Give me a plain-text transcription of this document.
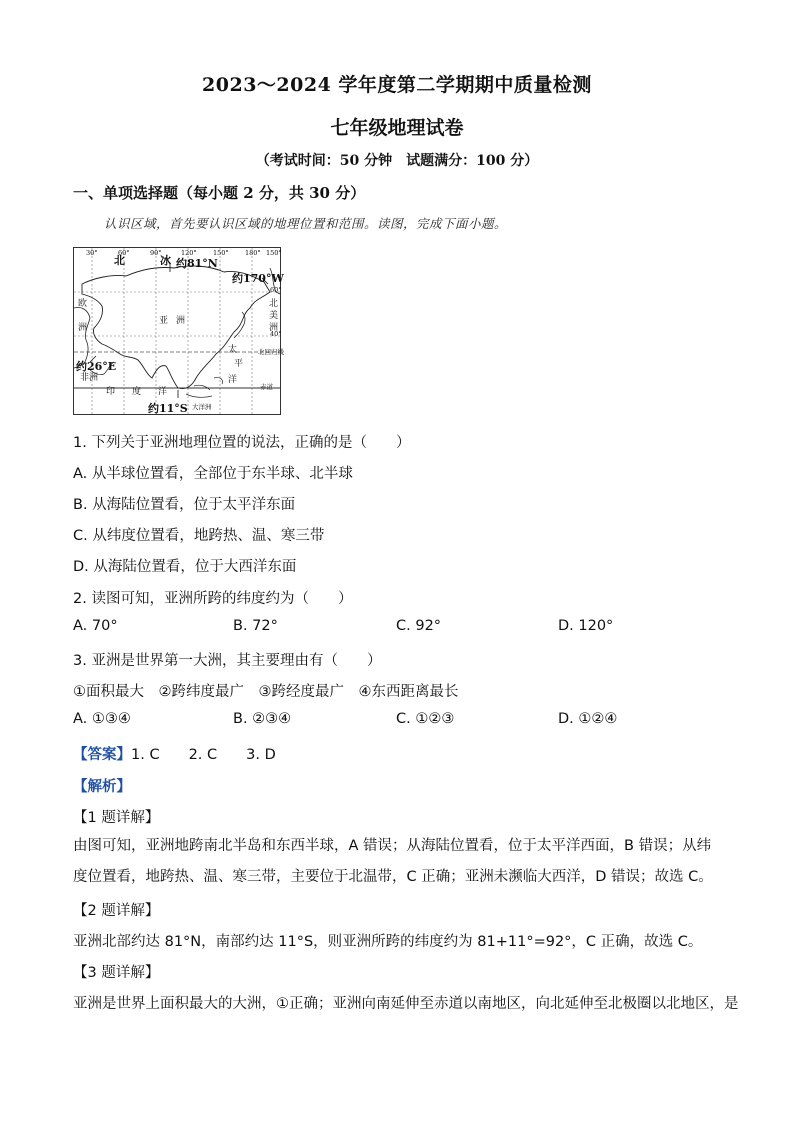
2023～2024 学年度第二学期期中质量检测
七年级地理试卷
（考试时间：50 分钟　试题满分：100 分）
一、单项选择题（每小题 2 分，共 30 分）
认识区域，首先要认识区域的地理位置和范围。读图，完成下面小题。
30°	60°	90°	120°	150°	180° 150°
60°
40°
北回归线
赤道
北	冰 约81°N
约170°W
欧
洲
亚 洲
北
美
洲
太
平
洋
约26°E
非洲
印 度 洋
约11°S 大洋洲
1. 下列关于亚洲地理位置的说法，正确的是（　　）
A. 从半球位置看，全部位于东半球、北半球
B. 从海陆位置看，位于太平洋东面
C. 从纬度位置看，地跨热、温、寒三带
D. 从海陆位置看，位于大西洋东面
2. 读图可知，亚洲所跨的纬度约为（　　）
A. 70°	B. 72°	C. 92°	D. 120°
3. 亚洲是世界第一大洲，其主要理由有（　　）
①面积最大　②跨纬度最广　③跨经度最广　④东西距离最长
A. ①③④	B. ②③④	C. ①②③	D. ①②④
【答案】1. C　　2. C　　3. D
【解析】
【1 题详解】
由图可知，亚洲地跨南北半岛和东西半球，A 错误；从海陆位置看，位于太平洋西面，B 错误；从纬度位置看，地跨热、温、寒三带，主要位于北温带，C 正确；亚洲未濒临大西洋，D 错误；故选 C。
【2 题详解】
亚洲北部约达 81°N，南部约达 11°S，则亚洲所跨的纬度约为 81+11°=92°，C 正确，故选 C。
【3 题详解】
亚洲是世界上面积最大的大洲，①正确；亚洲向南延伸至赤道以南地区，向北延伸至北极圈以北地区，是
